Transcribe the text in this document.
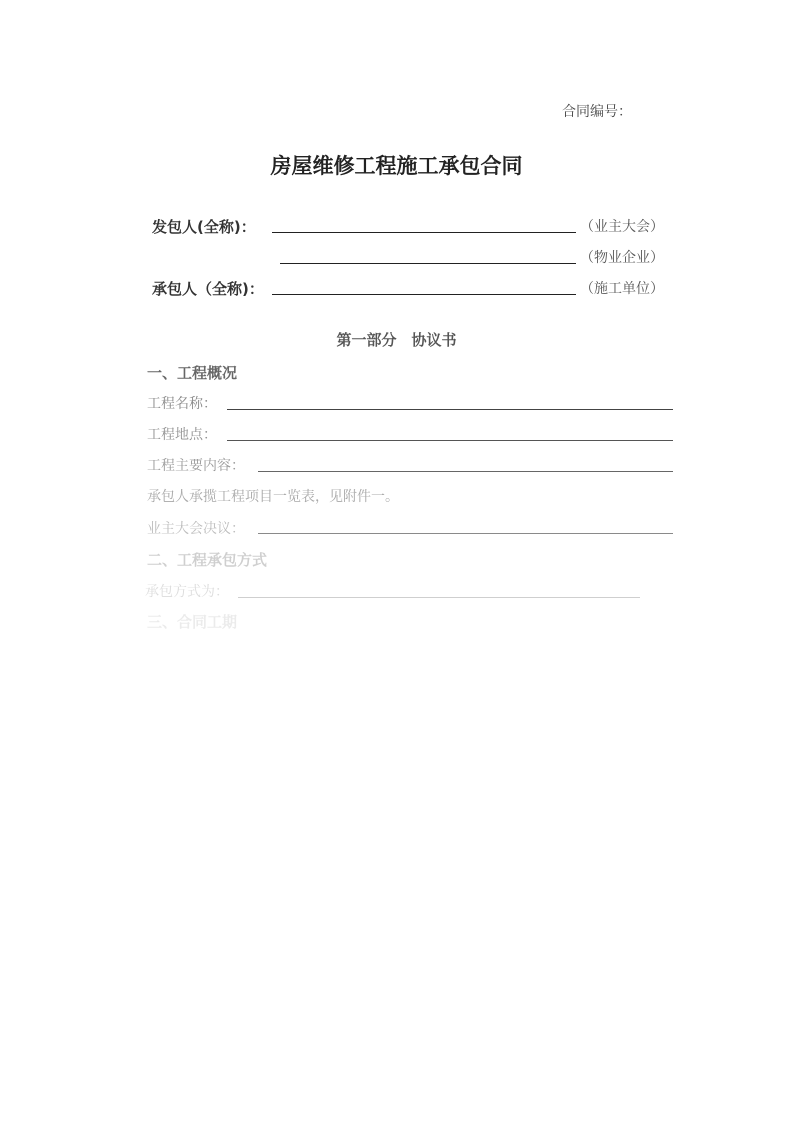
合同编号：
房屋维修工程施工承包合同
发包人(全称)：	（业主大会）
（物业企业）
承包人（全称)：	（施工单位）
第一部分　协议书
一、工程概况
工程名称：
工程地点：
工程主要内容：
承包人承揽工程项目一览表，见附件一。
业主大会决议：
二、工程承包方式
承包方式为：
三、合同工期
